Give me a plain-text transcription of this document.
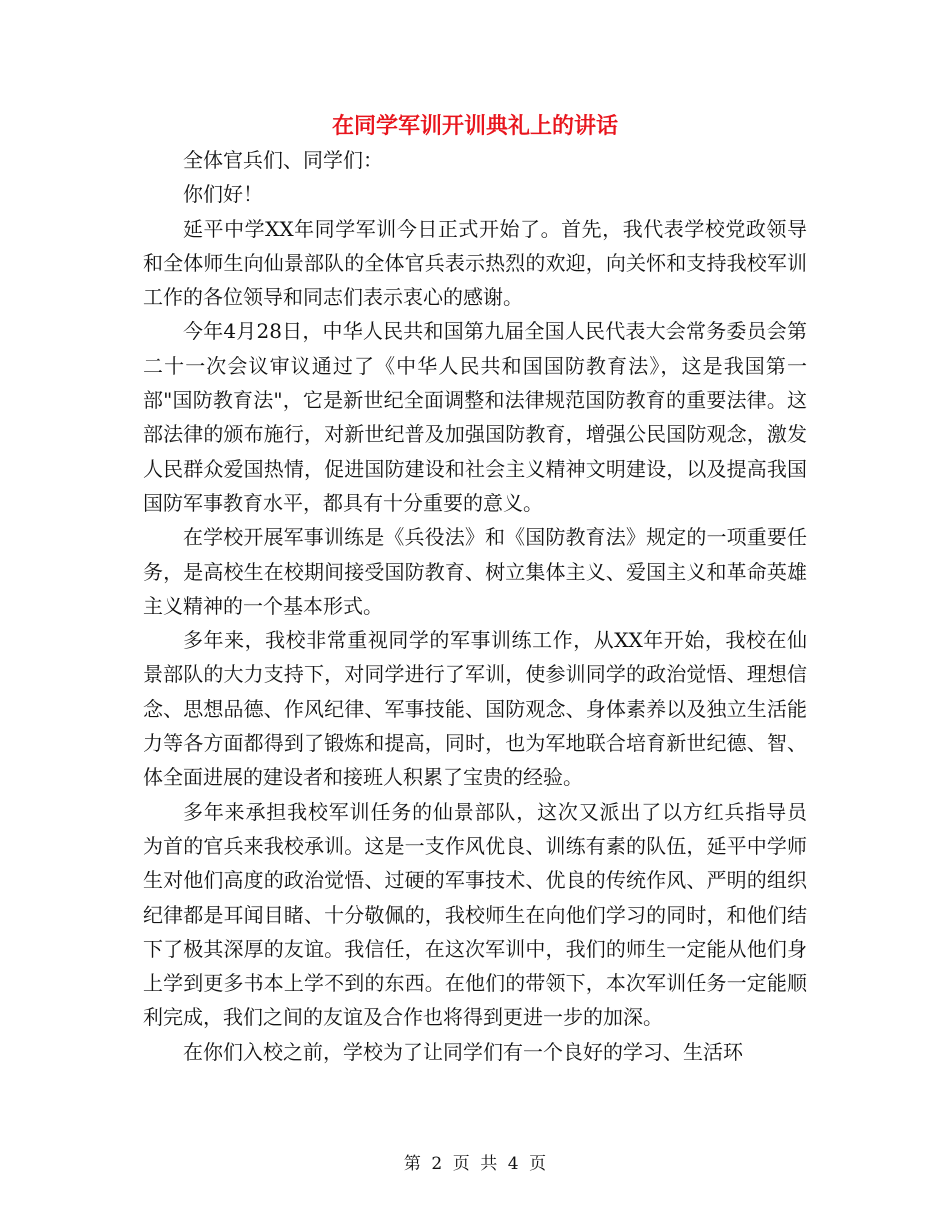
在同学军训开训典礼上的讲话

全体官兵们、同学们：

你们好！

延平中学XX年同学军训今日正式开始了。首先，我代表学校党政领导和全体师生向仙景部队的全体官兵表示热烈的欢迎，向关怀和支持我校军训工作的各位领导和同志们表示衷心的感谢。

今年4月28日，中华人民共和国第九届全国人民代表大会常务委员会第二十一次会议审议通过了《中华人民共和国国防教育法》，这是我国第一部"国防教育法"，它是新世纪全面调整和法律规范国防教育的重要法律。这部法律的颁布施行，对新世纪普及加强国防教育，增强公民国防观念，激发人民群众爱国热情，促进国防建设和社会主义精神文明建设，以及提高我国国防军事教育水平，都具有十分重要的意义。

在学校开展军事训练是《兵役法》和《国防教育法》规定的一项重要任务，是高校生在校期间接受国防教育、树立集体主义、爱国主义和革命英雄主义精神的一个基本形式。

多年来，我校非常重视同学的军事训练工作，从XX年开始，我校在仙景部队的大力支持下，对同学进行了军训，使参训同学的政治觉悟、理想信念、思想品德、作风纪律、军事技能、国防观念、身体素养以及独立生活能力等各方面都得到了锻炼和提高，同时，也为军地联合培育新世纪德、智、体全面进展的建设者和接班人积累了宝贵的经验。

多年来承担我校军训任务的仙景部队，这次又派出了以方红兵指导员 为首的官兵来我校承训。这是一支作风优良、训练有素的队伍，延平中学师生对他们高度的政治觉悟、过硬的军事技术、优良的传统作风、严明的组织纪律都是耳闻目睹、十分敬佩的，我校师生在向他们学习的同时，和他们结下了极其深厚的友谊。我信任，在这次军训中，我们的师生一定能从他们身上学到更多书本上学不到的东西。在他们的带领下，本次军训任务一定能顺利完成，我们之间的友谊及合作也将得到更进一步的加深。

在你们入校之前，学校为了让同学们有一个良好的学习、生活环

第 2 页 共 4 页
